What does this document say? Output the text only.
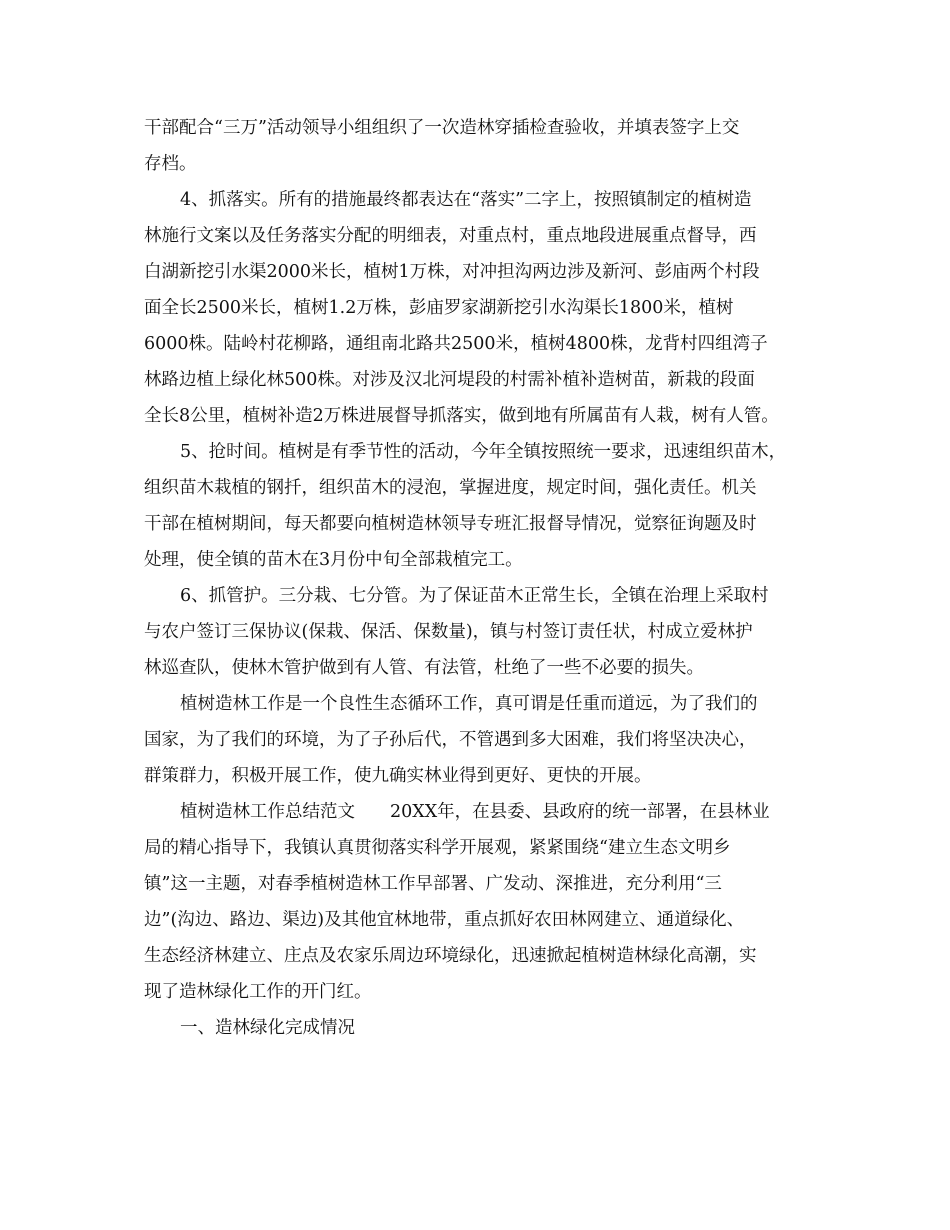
干部配合“三万”活动领导小组组织了一次造林穿插检查验收，并填表签字上交
存档。
4、抓落实。所有的措施最终都表达在“落实”二字上，按照镇制定的植树造
林施行文案以及任务落实分配的明细表，对重点村，重点地段进展重点督导，西
白湖新挖引水渠2000米长，植树1万株，对冲担沟两边涉及新河、彭庙两个村段
面全长2500米长，植树1.2万株，彭庙罗家湖新挖引水沟渠长1800米，植树
6000株。陆岭村花柳路，通组南北路共2500米，植树4800株，龙背村四组湾子
林路边植上绿化林500株。对涉及汉北河堤段的村需补植补造树苗，新栽的段面
全长8公里，植树补造2万株进展督导抓落实，做到地有所属苗有人栽，树有人管。
5、抢时间。植树是有季节性的活动，今年全镇按照统一要求，迅速组织苗木，
组织苗木栽植的钢扦，组织苗木的浸泡，掌握进度，规定时间，强化责任。机关
干部在植树期间，每天都要向植树造林领导专班汇报督导情况，觉察征询题及时
处理，使全镇的苗木在3月份中旬全部栽植完工。
6、抓管护。三分栽、七分管。为了保证苗木正常生长，全镇在治理上采取村
与农户签订三保协议(保栽、保活、保数量)，镇与村签订责任状，村成立爱林护
林巡查队，使林木管护做到有人管、有法管，杜绝了一些不必要的损失。
植树造林工作是一个良性生态循环工作，真可谓是任重而道远，为了我们的
国家，为了我们的环境，为了子孙后代，不管遇到多大困难，我们将坚决决心，
群策群力，积极开展工作，使九确实林业得到更好、更快的开展。
植树造林工作总结范文　　20XX年，在县委、县政府的统一部署，在县林业
局的精心指导下，我镇认真贯彻落实科学开展观，紧紧围绕“建立生态文明乡
镇”这一主题，对春季植树造林工作早部署、广发动、深推进，充分利用“三
边”(沟边、路边、渠边)及其他宜林地带，重点抓好农田林网建立、通道绿化、
生态经济林建立、庄点及农家乐周边环境绿化，迅速掀起植树造林绿化高潮，实
现了造林绿化工作的开门红。
一、造林绿化完成情况
